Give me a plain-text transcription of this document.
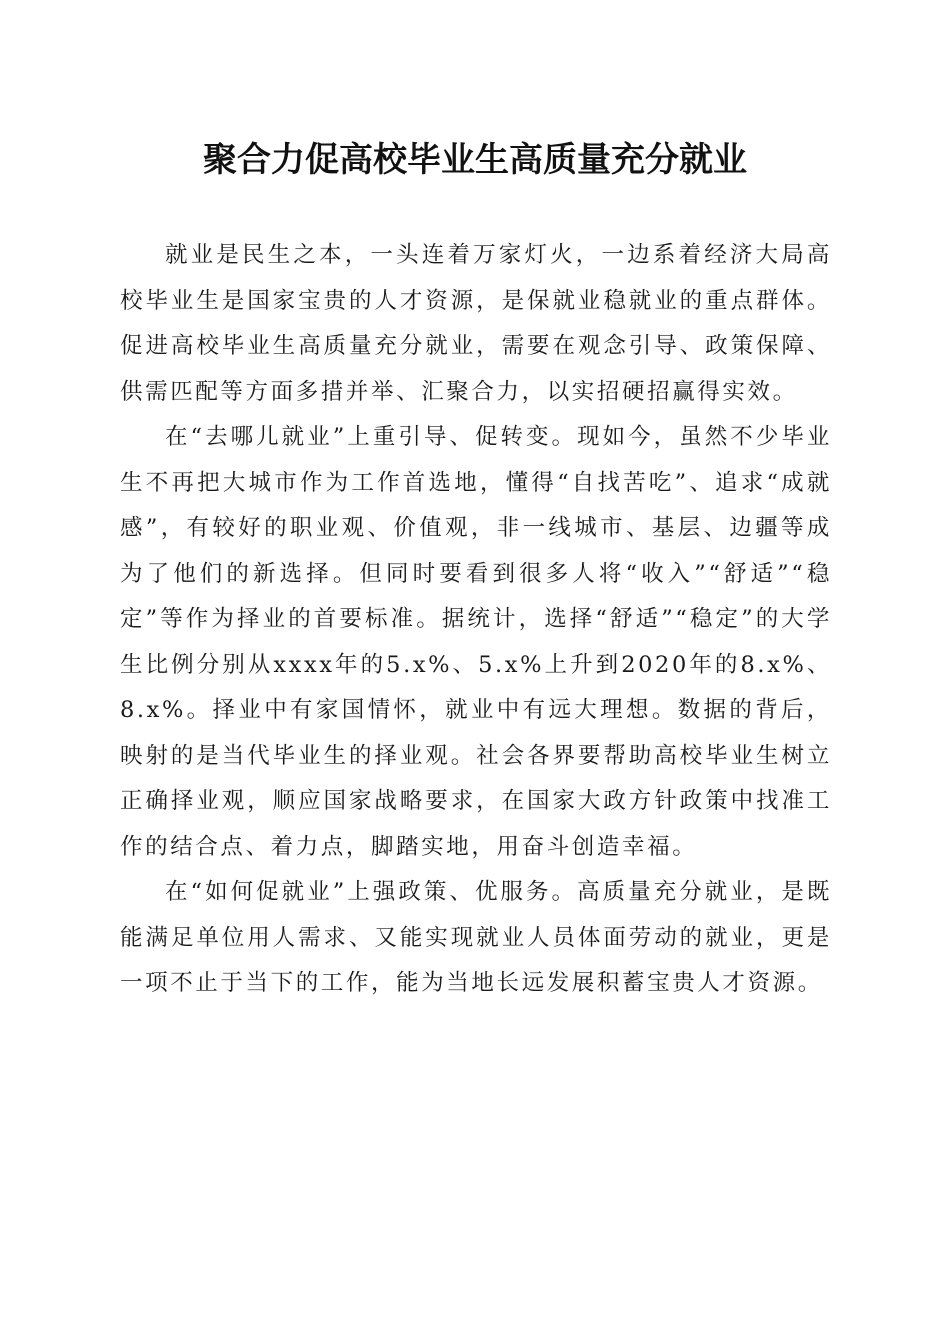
聚合力促高校毕业生高质量充分就业

就业是民生之本，一头连着万家灯火，一边系着经济大局高校毕业生是国家宝贵的人才资源，是保就业稳就业的重点群体。促进高校毕业生高质量充分就业，需要在观念引导、政策保障、供需匹配等方面多措并举、汇聚合力，以实招硬招赢得实效。

在“去哪儿就业”上重引导、促转变。现如今，虽然不少毕业生不再把大城市作为工作首选地，懂得“自找苦吃”、追求“成就感”，有较好的职业观、价值观，非一线城市、基层、边疆等成为了他们的新选择。但同时要看到很多人将“收入”“舒适”“稳定”等作为择业的首要标准。据统计，选择“舒适”“稳定”的大学生比例分别从xxxx年的5.x%、5.x%上升到2020年的8.x%、8.x%。择业中有家国情怀，就业中有远大理想。数据的背后，映射的是当代毕业生的择业观。社会各界要帮助高校毕业生树立正确择业观，顺应国家战略要求，在国家大政方针政策中找准工作的结合点、着力点，脚踏实地，用奋斗创造幸福。

在“如何促就业”上强政策、优服务。高质量充分就业，是既能满足单位用人需求、又能实现就业人员体面劳动的就业，更是一项不止于当下的工作，能为当地长远发展积蓄宝贵人才资源。
